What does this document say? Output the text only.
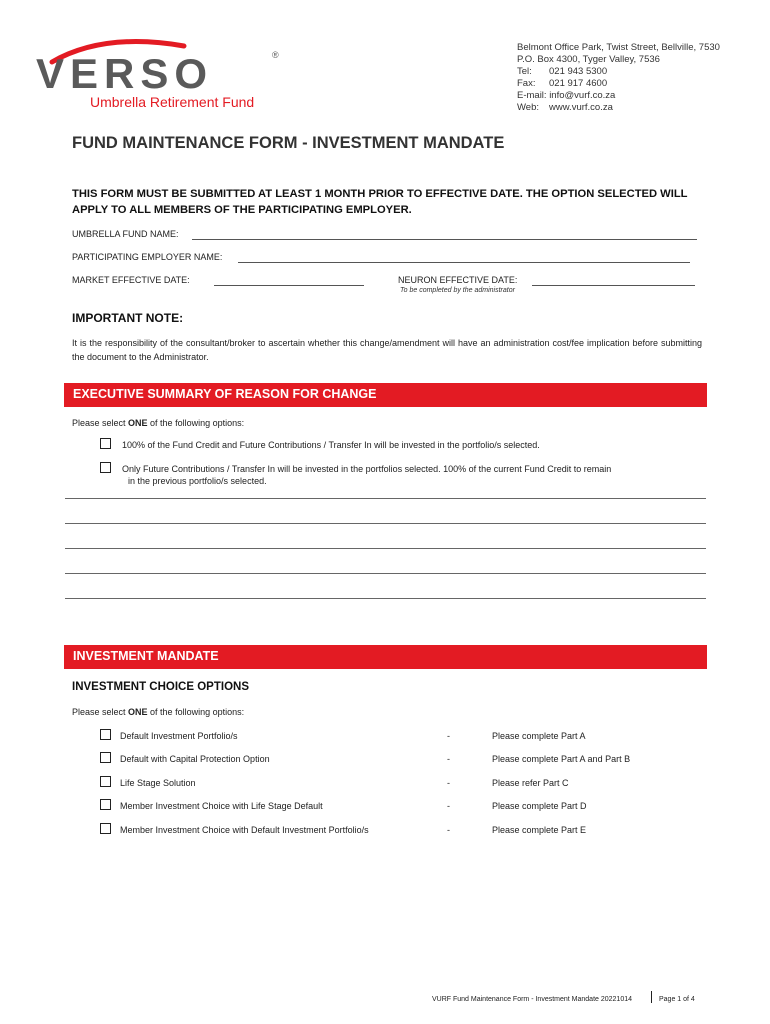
VERSO	®
Umbrella Retirement Fund
Belmont Office Park, Twist Street, Bellville, 7530
P.O. Box 4300, Tyger Valley, 7536
Tel: 021 943 5300
Fax: 021 917 4600
E-mail: info@vurf.co.za
Web: www.vurf.co.za
FUND MAINTENANCE FORM - INVESTMENT MANDATE
THIS FORM MUST BE SUBMITTED AT LEAST 1 MONTH PRIOR TO EFFECTIVE DATE. THE OPTION SELECTED WILL APPLY TO ALL MEMBERS OF THE PARTICIPATING EMPLOYER.
UMBRELLA FUND NAME:
PARTICIPATING EMPLOYER NAME:
MARKET EFFECTIVE DATE:	NEURON EFFECTIVE DATE:
To be completed by the administrator
IMPORTANT NOTE:
It is the responsibility of the consultant/broker to ascertain whether this change/amendment will have an administration cost/fee implication before submitting the document to the Administrator.
EXECUTIVE SUMMARY OF REASON FOR CHANGE
Please select ONE of the following options:
100% of the Fund Credit and Future Contributions / Transfer In will be invested in the portfolio/s selected.
Only Future Contributions / Transfer In will be invested in the portfolios selected. 100% of the current Fund Credit to remain
in the previous portfolio/s selected.
INVESTMENT MANDATE
INVESTMENT CHOICE OPTIONS
Please select ONE of the following options:
Default Investment Portfolio/s	-	Please complete Part A
Default with Capital Protection Option	-	Please complete Part A and Part B
Life Stage Solution	-	Please refer Part C
Member Investment Choice with Life Stage Default	-	Please complete Part D
Member Investment Choice with Default Investment Portfolio/s	-	Please complete Part E
VURF Fund Maintenance Form - Investment Mandate 20221014	Page 1 of 4
